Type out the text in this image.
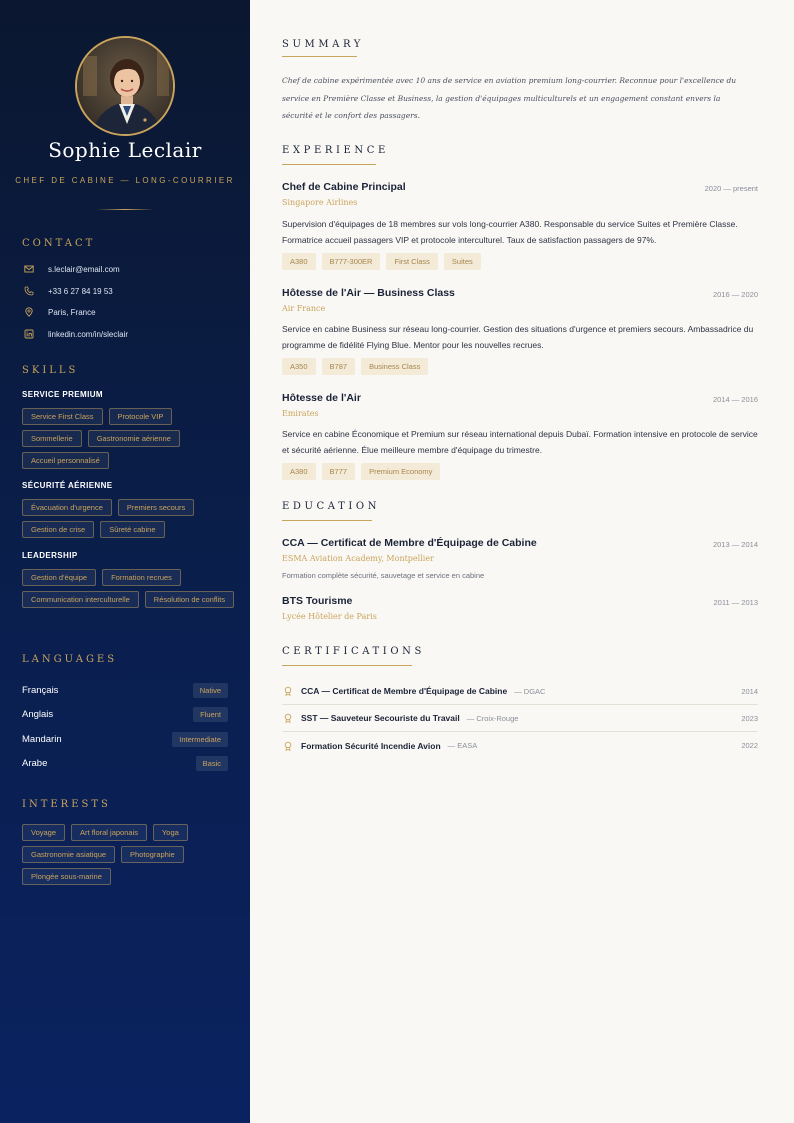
Sophie Leclair
CHEF DE CABINE — LONG-COURRIER
CONTACT
s.leclair@email.com
+33 6 27 84 19 53
Paris, France
linkedin.com/in/sleclair
SKILLS
SERVICE PREMIUM
Service First Class	Protocole VIP
Sommellerie	Gastronomie aérienne
Accueil personnalisé
SÉCURITÉ AÉRIENNE
Évacuation d'urgence	Premiers secours
Gestion de crise	Sûreté cabine
LEADERSHIP
Gestion d'équipe	Formation recrues
Communication interculturelle	Résolution de conflits
LANGUAGES
Français	Native
Anglais	Fluent
Mandarin	Intermediate
Arabe	Basic
INTERESTS
Voyage	Art floral japonais	Yoga
Gastronomie asiatique	Photographie
Plongée sous-marine
SUMMARY

Chef de cabine expérimentée avec 10 ans de service en aviation premium long-courrier. Reconnue pour l'excellence du service en Première Classe et Business, la gestion d'équipages multiculturels et un engagement constant envers la sécurité et le confort des passagers.

EXPERIENCE
Chef de Cabine Principal	2020 — present
Singapore Airlines

Supervision d'équipages de 18 membres sur vols long-courrier A380. Responsable du service Suites et Première Classe. Formatrice accueil passagers VIP et protocole interculturel. Taux de satisfaction passagers de 97%.

A380	B777-300ER	First Class	Suites
Hôtesse de l'Air — Business Class	2016 — 2020
Air France

Service en cabine Business sur réseau long-courrier. Gestion des situations d'urgence et premiers secours. Ambassadrice du programme de fidélité Flying Blue. Mentor pour les nouvelles recrues.

A350	B787	Business Class
Hôtesse de l'Air	2014 — 2016
Emirates

Service en cabine Économique et Premium sur réseau international depuis Dubaï. Formation intensive en protocole de service et sécurité aérienne. Élue meilleure membre d'équipage du trimestre.

A380	B777	Premium Economy
EDUCATION
CCA — Certificat de Membre d'Équipage de Cabine	2013 — 2014
ESMA Aviation Academy, Montpellier
Formation complète sécurité, sauvetage et service en cabine
BTS Tourisme	2011 — 2013
Lycée Hôtelier de Paris
CERTIFICATIONS
CCA — Certificat de Membre d'Équipage de Cabine — DGAC	2014
SST — Sauveteur Secouriste du Travail — Croix-Rouge	2023
Formation Sécurité Incendie Avion — EASA	2022
